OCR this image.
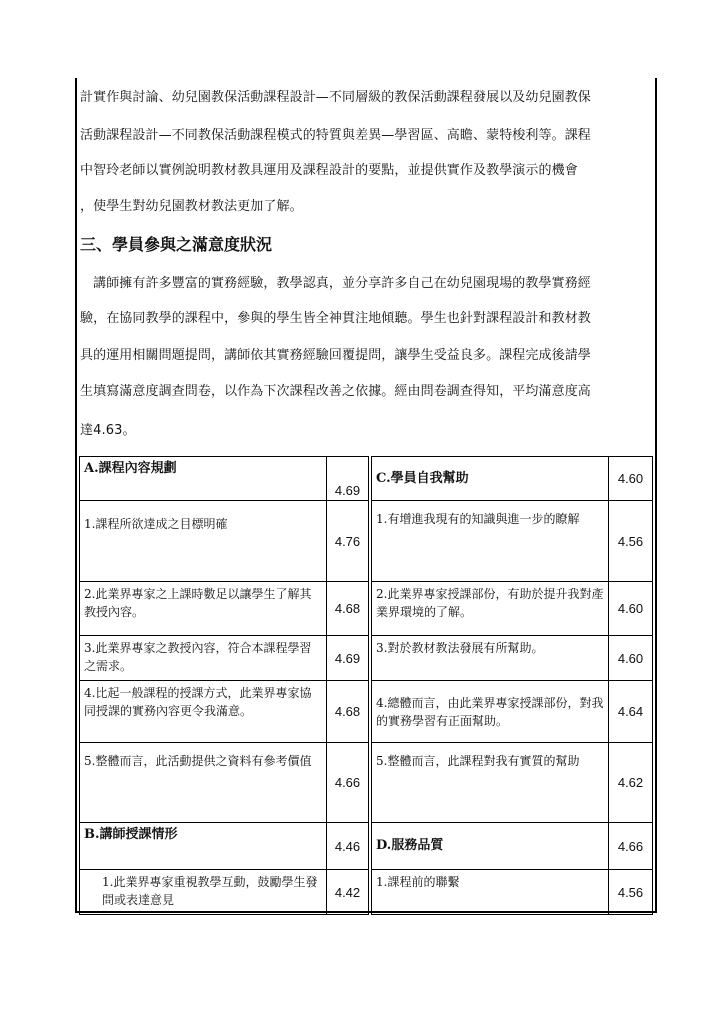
計實作與討論、幼兒園教保活動課程設計—不同層級的教保活動課程發展以及幼兒園教保
活動課程設計—不同教保活動課程模式的特質與差異—學習區、高瞻、蒙特梭利等。課程
中智玲老師以實例說明教材教具運用及課程設計的要點，並提供實作及教學演示的機會
，使學生對幼兒園教材教法更加了解。
三、學員參與之滿意度狀況
　講師擁有許多豐富的實務經驗，教學認真，並分享許多自己在幼兒園現場的教學實務經
驗，在協同教學的課程中，參與的學生皆全神貫注地傾聽。學生也針對課程設計和教材教
具的運用相關問題提問，講師依其實務經驗回覆提問，讓學生受益良多。課程完成後請學
生填寫滿意度調查問卷，以作為下次課程改善之依據。經由問卷調查得知，平均滿意度高
達4.63。
A.課程內容規劃	4.69		C.學員自我幫助	4.60
1.課程所欲達成之目標明確	4.76		1.有增進我現有的知識與進一步的瞭解	4.56
2.此業界專家之上課時數足以讓學生了解其教授內容。	4.68		2.此業界專家授課部份，有助於提升我對產業界環境的了解。	4.60
3.此業界專家之教授內容，符合本課程學習之需求。	4.69		3.對於教材教法發展有所幫助。	4.60
4.比起一般課程的授課方式，此業界專家協同授課的實務內容更令我滿意。	4.68		4.總體而言，由此業界專家授課部份，對我的實務學習有正面幫助。	4.64
5.整體而言，此活動提供之資料有參考價值	4.66		5.整體而言，此課程對我有實質的幫助	4.62
B.講師授課情形	4.46		D.服務品質	4.66
1.此業界專家重視教學互動，鼓勵學生發問或表達意見	4.42		1.課程前的聯繫	4.56
